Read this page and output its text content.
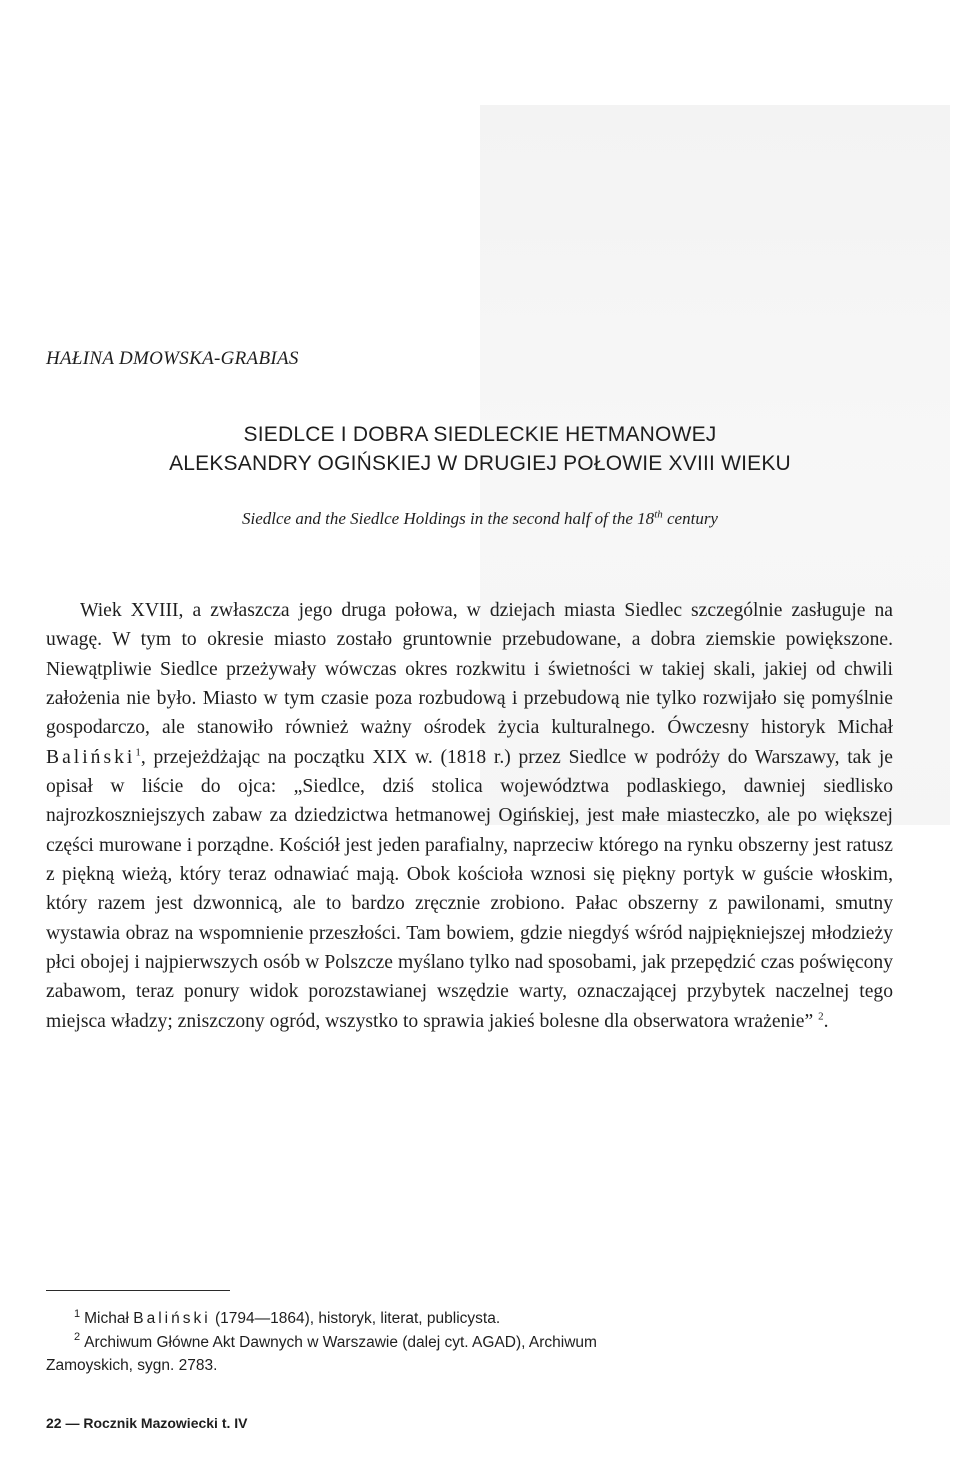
HAŁINA DMOWSKA-GRABIAS

SIEDLCE I DOBRA SIEDLECKIE HETMANOWEJ
ALEKSANDRY OGIŃSKIEJ W DRUGIEJ POŁOWIE XVIII WIEKU

Siedlce and the Siedlce Holdings in the second half of the 18th century

Wiek XVIII, a zwłaszcza jego druga połowa, w dziejach miasta Siedlec szczególnie zasługuje na uwagę. W tym to okresie miasto zostało gruntownie przebudowane, a dobra ziemskie powiększone. Niewątpliwie Siedlce przeżywały wówczas okres rozkwitu i świetności w takiej skali, jakiej od chwili założenia nie było. Miasto w tym czasie poza rozbudową i przebudową nie tylko rozwijało się pomyślnie gospodarczo, ale stanowiło również ważny ośrodek życia kulturalnego. Ówczesny historyk Michał Baliński$^1$, przejeżdżając na początku XIX w. (1818 r.) przez Siedlce w podróży do Warszawy, tak je opisał w liście do ojca: „Siedlce, dziś stolica województwa podlaskiego, dawniej siedlisko najrozkoszniejszych zabaw za dziedzictwa hetmanowej Ogińskiej, jest małe miasteczko, ale po większej części murowane i porządne. Kościół jest jeden parafialny, naprzeciw którego na rynku obszerny jest ratusz z piękną wieżą, który teraz odnawiać mają. Obok kościoła wznosi się piękny portyk w guście włoskim, który razem jest dzwonnicą, ale to bardzo zręcznie zrobiono. Pałac obszerny z pawilonami, smutny wystawia obraz na wspomnienie przeszłości. Tam bowiem, gdzie niegdyś wśród najpiękniejszej młodzieży płci obojej i najpierwszych osób w Polszcze myślano tylko nad sposobami, jak przepędzić czas poświęcony zabawom, teraz ponury widok porozstawianej wszędzie warty, oznaczającej przybytek naczelnej tego miejsca władzy; zniszczony ogród, wszystko to sprawia jakieś bolesne dla obserwatora wrażenie” $^2$.

$^1$ Michał Baliński (1794—1864), historyk, literat, publicysta.

$^2$ Archiwum Główne Akt Dawnych w Warszawie (dalej cyt. AGAD), Archiwum

Zamoyskich, sygn. 2783.

22 — Rocznik Mazowiecki t. IV
